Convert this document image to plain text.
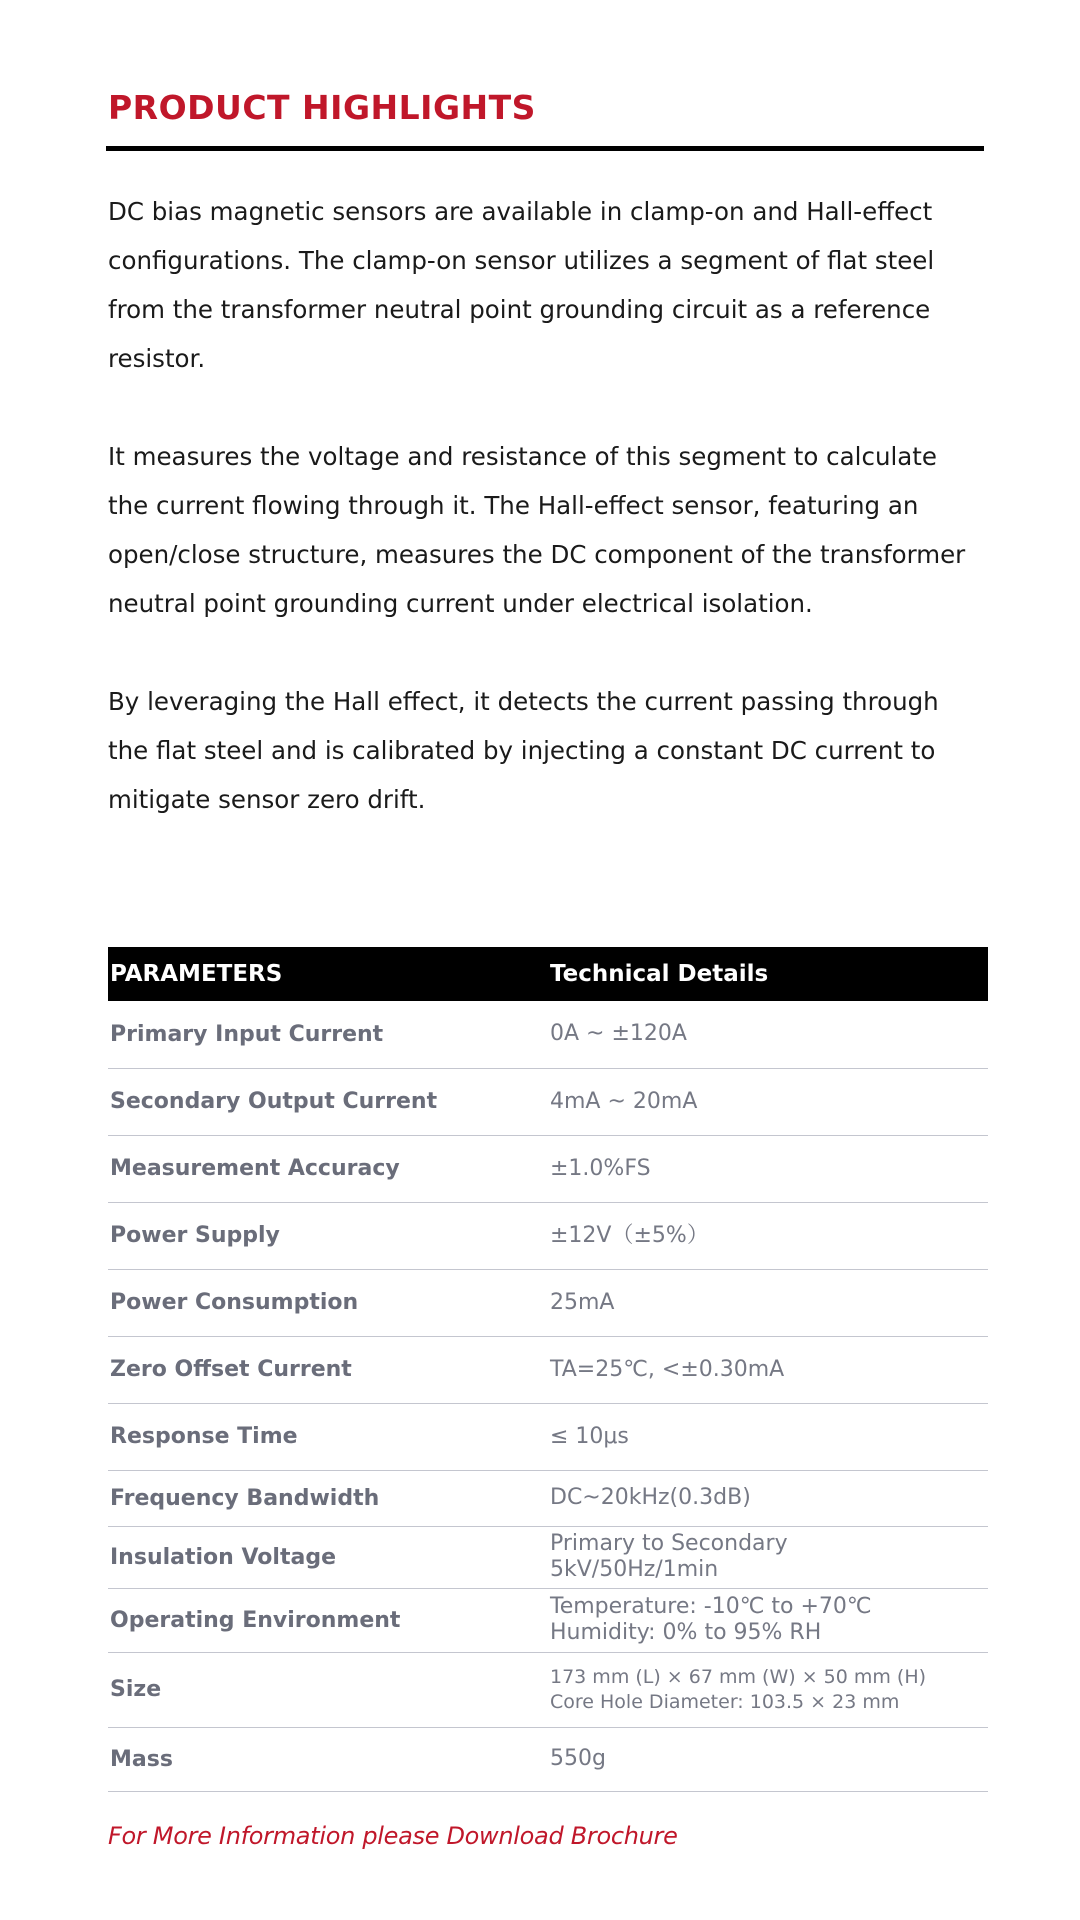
PRODUCT HIGHLIGHTS

DC bias magnetic sensors are available in clamp-on and Hall-effect configurations. The clamp-on sensor utilizes a segment of flat steel from the transformer neutral point grounding circuit as a reference resistor.

It measures the voltage and resistance of this segment to calculate the current flowing through it. The Hall-effect sensor, featuring an open/close structure, measures the DC component of the transformer neutral point grounding current under electrical isolation.

By leveraging the Hall effect, it detects the current passing through the flat steel and is calibrated by injecting a constant DC current to mitigate sensor zero drift.

PARAMETERS	Technical Details
Primary Input Current	0A ~ ±120A

Secondary Output Current	4mA ~ 20mA

Measurement Accuracy	±1.0%FS

Power Supply	±12V（±5%）

Power Consumption	25mA

Zero Offset Current	TA=25℃, <±0.30mA

Response Time	≤ 10μs

Frequency Bandwidth	DC~20kHz(0.3dB)

Insulation Voltage	Primary to Secondary
5kV/50Hz/1min

Operating Environment	Temperature: -10℃ to +70℃
Humidity: 0% to 95% RH

Size	173 mm (L) × 67 mm (W) × 50 mm (H)
Core Hole Diameter: 103.5 × 23 mm

Mass	550g
For More Information please Download Brochure
